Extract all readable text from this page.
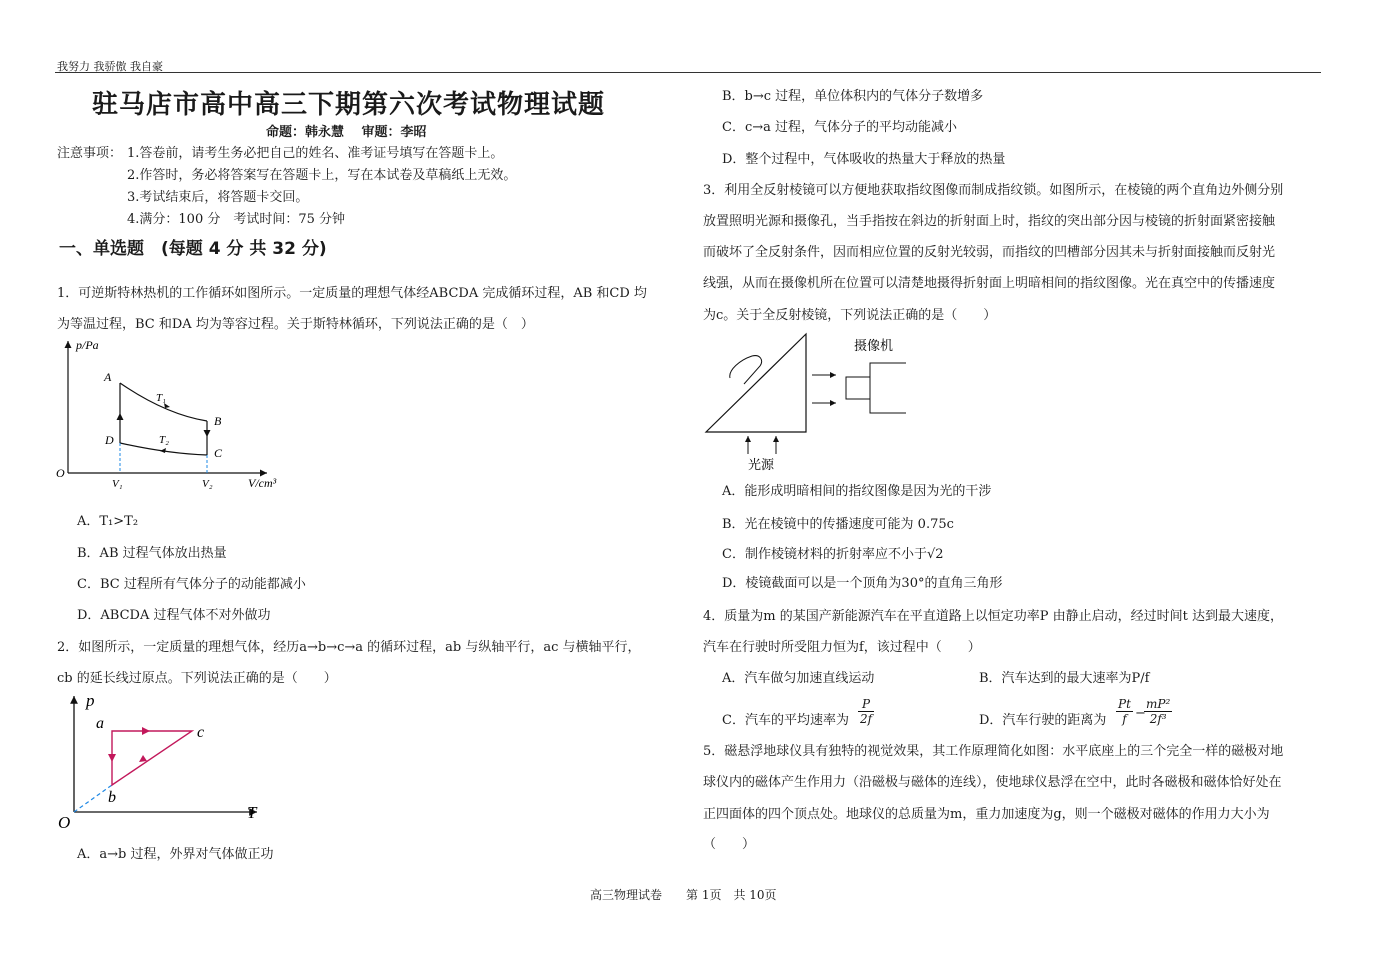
我努力 我骄傲 我自豪
驻马店市高中高三下期第六次考试物理试题
命题：韩永慧　 审题：李昭
注意事项： 1.答卷前，请考生务必把自己的姓名、准考证号填写在答题卡上。
2.作答时，务必将答案写在答题卡上，写在本试卷及草稿纸上无效。
3.考试结束后，将答题卡交回。
4.满分：100 分　考试时间：75 分钟
一、单选题　(每题 4 分 共 32 分)
1．可逆斯特林热机的工作循环如图所示。一定质量的理想气体经ABCDA 完成循环过程，AB 和CD 均
为等温过程，BC 和DA 均为等容过程。关于斯特林循环，下列说法正确的是（　）
p/Pa
V/cm³
O
A
B
C
D
T₁
T₂
V₁	V₂
A．T₁>T₂
B．AB 过程气体放出热量
C．BC 过程所有气体分子的动能都减小
D．ABCDA 过程气体不对外做功
2．如图所示，一定质量的理想气体，经历a→b→c→a 的循环过程，ab 与纵轴平行，ac 与横轴平行，
cb 的延长线过原点。下列说法正确的是（　　）
p
T
O
a
b
c
A．a→b 过程，外界对气体做正功
B．b→c 过程，单位体积内的气体分子数增多
C．c→a 过程，气体分子的平均动能减小
D．整个过程中，气体吸收的热量大于释放的热量
3．利用全反射棱镜可以方便地获取指纹图像而制成指纹锁。如图所示，在棱镜的两个直角边外侧分别
放置照明光源和摄像孔，当手指按在斜边的折射面上时，指纹的突出部分因与棱镜的折射面紧密接触
而破坏了全反射条件，因而相应位置的反射光较弱，而指纹的凹槽部分因其未与折射面接触而反射光
线强，从而在摄像机所在位置可以清楚地摄得折射面上明暗相间的指纹图像。光在真空中的传播速度
为c。关于全反射棱镜，下列说法正确的是（　　）
摄像机
光源
A．能形成明暗相间的指纹图像是因为光的干涉
B．光在棱镜中的传播速度可能为 0.75c
C．制作棱镜材料的折射率应不小于√2
D．棱镜截面可以是一个顶角为30°的直角三角形
4．质量为m 的某国产新能源汽车在平直道路上以恒定功率P 由静止启动，经过时间t 达到最大速度，
汽车在行驶时所受阻力恒为f，该过程中（　　）
A．汽车做匀加速直线运动	B．汽车达到的最大速率为P/f
C．汽车的平均速率为 $\frac{P}{2f}$	D．汽车行驶的距离为 $\frac{Pt}{f}$ −
$\frac{\text{mP²}}{\text{2f³}}$
5．磁悬浮地球仪具有独特的视觉效果，其工作原理简化如图：水平底座上的三个完全一样的磁极对地
球仪内的磁体产生作用力（沿磁极与磁体的连线），使地球仪悬浮在空中，此时各磁极和磁体恰好处在
正四面体的四个顶点处。地球仪的总质量为m，重力加速度为g，则一个磁极对磁体的作用力大小为
（　　）
高三物理试卷　　第 1页　共 10页
